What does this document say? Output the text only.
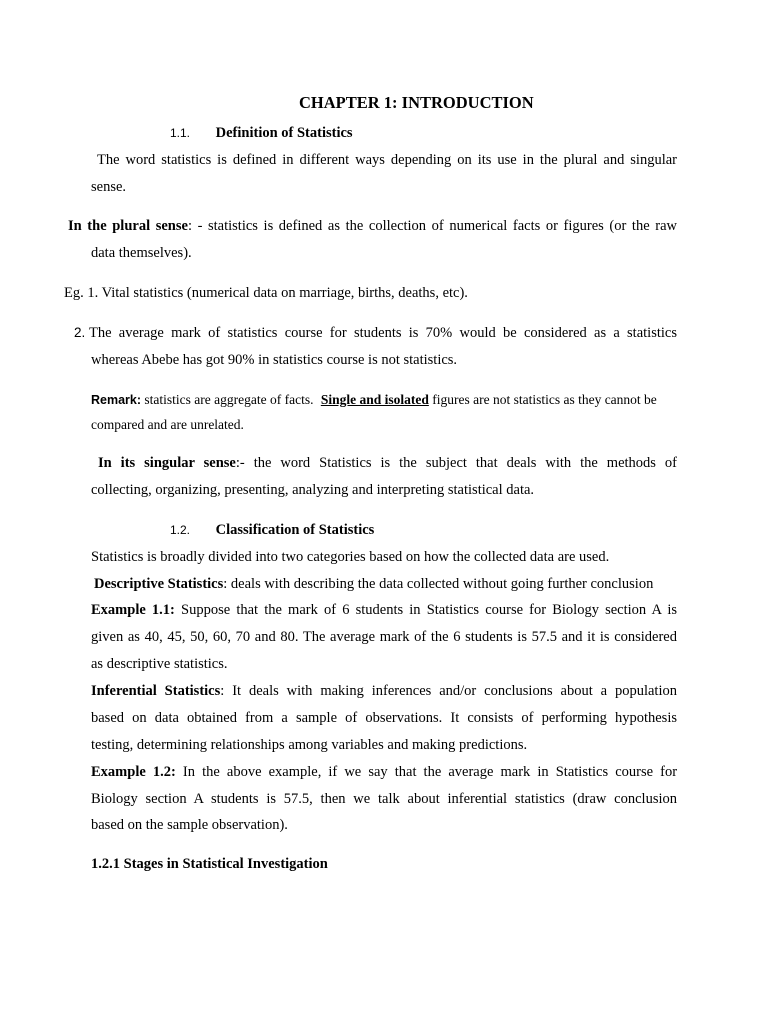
CHAPTER 1: INTRODUCTION
1.1. Definition of Statistics
The word statistics is defined in different ways depending on its use in the plural and singular
sense.
In the plural sense: - statistics is defined as the collection of numerical facts or figures (or the raw
data themselves).
Eg. 1. Vital statistics (numerical data on marriage, births, deaths, etc).
2. The average mark of statistics course for students is 70% would be considered as a statistics
whereas Abebe has got 90% in statistics course is not statistics.
Remark: statistics are aggregate of facts. Single and isolated figures are not statistics as they cannot be
compared and are unrelated.
In its singular sense:- the word Statistics is the subject that deals with the methods of
collecting, organizing, presenting, analyzing and interpreting statistical data.
1.2. Classification of Statistics
Statistics is broadly divided into two categories based on how the collected data are used.
Descriptive Statistics: deals with describing the data collected without going further conclusion
Example 1.1: Suppose that the mark of 6 students in Statistics course for Biology section A is
given as 40, 45, 50, 60, 70 and 80. The average mark of the 6 students is 57.5 and it is considered
as descriptive statistics.
Inferential Statistics: It deals with making inferences and/or conclusions about a population
based on data obtained from a sample of observations. It consists of performing hypothesis
testing, determining relationships among variables and making predictions.
Example 1.2: In the above example, if we say that the average mark in Statistics course for
Biology section A students is 57.5, then we talk about inferential statistics (draw conclusion
based on the sample observation).
1.2.1 Stages in Statistical Investigation
